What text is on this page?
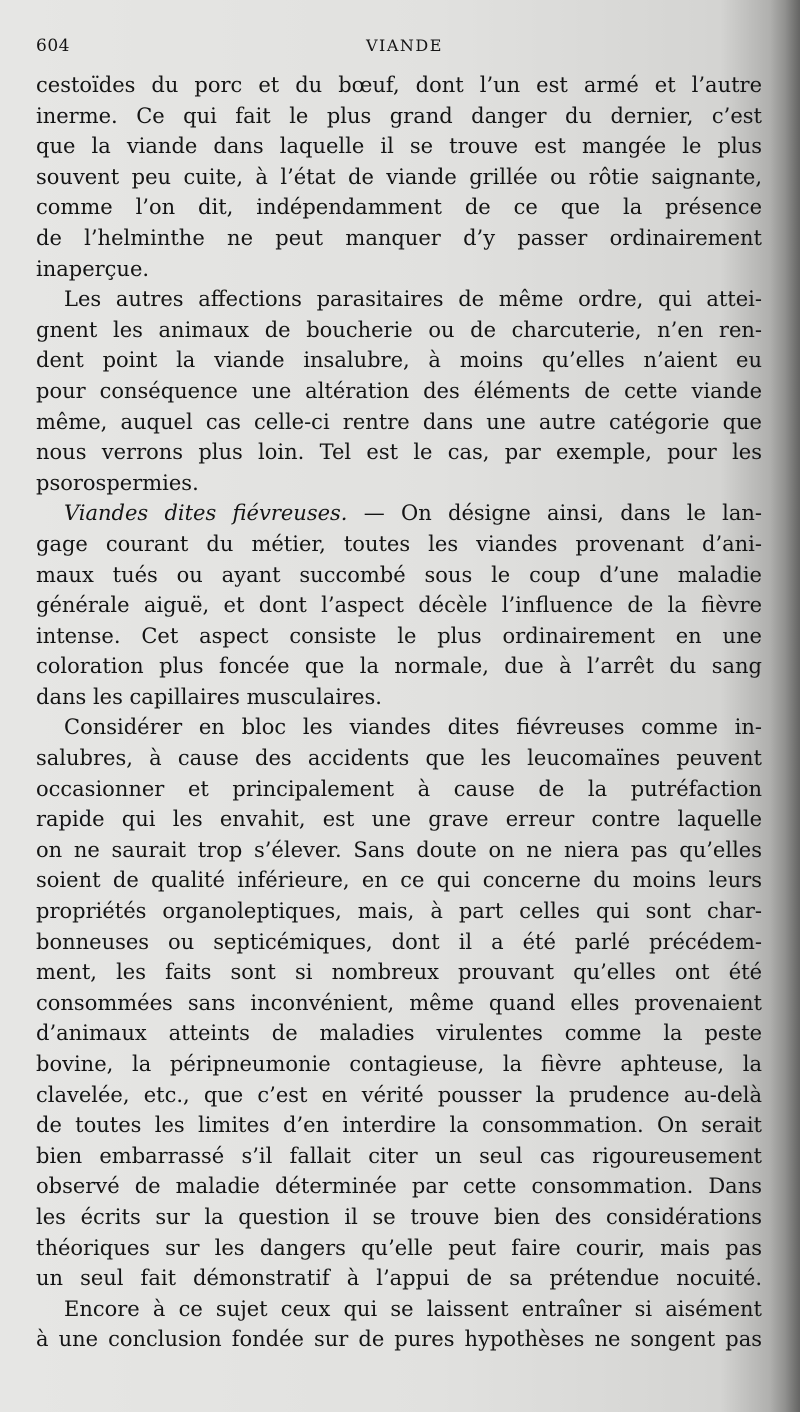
604	VIANDE
cestoïdes du porc et du bœuf, dont l’un est armé et l’autre
inerme. Ce qui fait le plus grand danger du dernier, c’est
que la viande dans laquelle il se trouve est mangée le plus
souvent peu cuite, à l’état de viande grillée ou rôtie saignante,
comme l’on dit, indépendamment de ce que la présence
de l’helminthe ne peut manquer d’y passer ordinairement
inaperçue.
Les autres affections parasitaires de même ordre, qui attei-
gnent les animaux de boucherie ou de charcuterie, n’en ren-
dent point la viande insalubre, à moins qu’elles n’aient eu
pour conséquence une altération des éléments de cette viande
même, auquel cas celle-ci rentre dans une autre catégorie que
nous verrons plus loin. Tel est le cas, par exemple, pour les
psorospermies.
Viandes dites fiévreuses. — On désigne ainsi, dans le lan-
gage courant du métier, toutes les viandes provenant d’ani-
maux tués ou ayant succombé sous le coup d’une maladie
générale aiguë, et dont l’aspect décèle l’influence de la fièvre
intense. Cet aspect consiste le plus ordinairement en une
coloration plus foncée que la normale, due à l’arrêt du sang
dans les capillaires musculaires.
Considérer en bloc les viandes dites fiévreuses comme in-
salubres, à cause des accidents que les leucomaïnes peuvent
occasionner et principalement à cause de la putréfaction
rapide qui les envahit, est une grave erreur contre laquelle
on ne saurait trop s’élever. Sans doute on ne niera pas qu’elles
soient de qualité inférieure, en ce qui concerne du moins leurs
propriétés organoleptiques, mais, à part celles qui sont char-
bonneuses ou septicémiques, dont il a été parlé précédem-
ment, les faits sont si nombreux prouvant qu’elles ont été
consommées sans inconvénient, même quand elles provenaient
d’animaux atteints de maladies virulentes comme la peste
bovine, la péripneumonie contagieuse, la fièvre aphteuse, la
clavelée, etc., que c’est en vérité pousser la prudence au-delà
de toutes les limites d’en interdire la consommation. On serait
bien embarrassé s’il fallait citer un seul cas rigoureusement
observé de maladie déterminée par cette consommation. Dans
les écrits sur la question il se trouve bien des considérations
théoriques sur les dangers qu’elle peut faire courir, mais pas
un seul fait démonstratif à l’appui de sa prétendue nocuité.
Encore à ce sujet ceux qui se laissent entraîner si aisément
à une conclusion fondée sur de pures hypothèses ne songent pas
